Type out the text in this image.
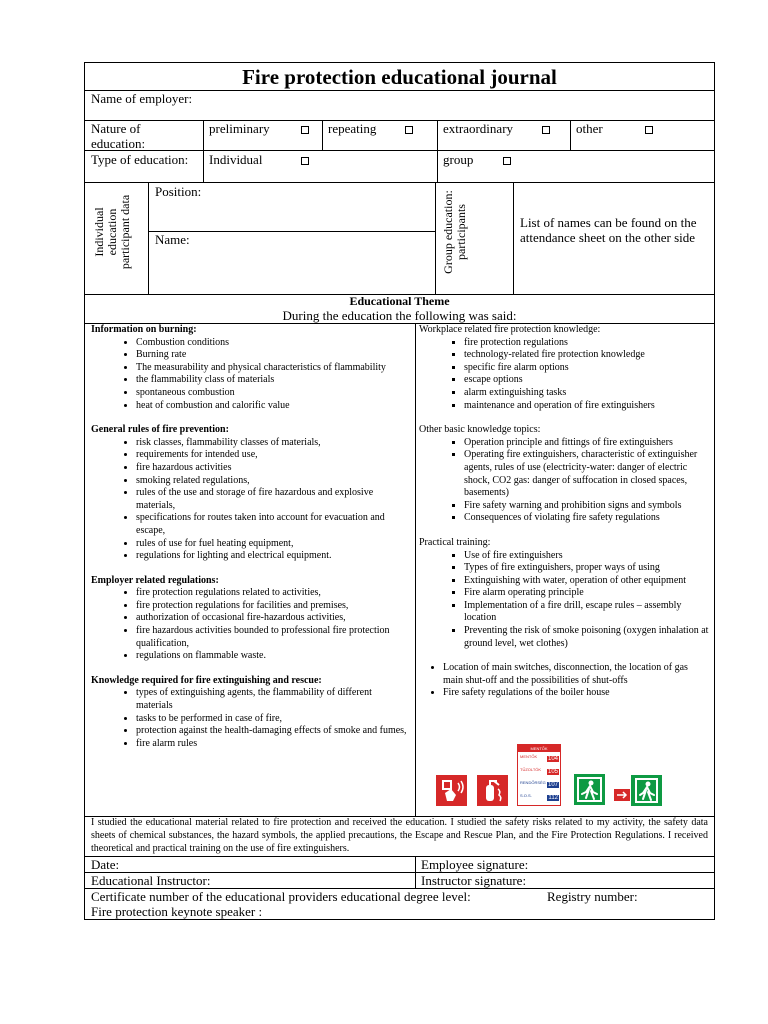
Fire protection educational journal
Name of employer:
Nature of education:
preliminary	repeating	extraordinary	other
Type of education: Individual	group
Individual education participant data
Position:
Name:	Group education: participants	List of names can be found on the attendance sheet on the other side
Educational Theme
During the education the following was said:
Information on burning:
• Combustion conditions
• Burning rate
• The measurability and physical characteristics of flammability
• the flammability class of materials
• spontaneous combustion
• heat of combustion and calorific value
General rules of fire prevention:
• risk classes, flammability classes of materials,
• requirements for intended use,
• fire hazardous activities
• smoking related regulations,
• rules of the use and storage of fire hazardous and explosive materials,
• specifications for routes taken into account for evacuation and escape,
• rules of use for fuel heating equipment,
• regulations for lighting and electrical equipment.
Employer related regulations:
• fire protection regulations related to activities,
• fire protection regulations for facilities and premises,
• authorization of occasional fire-hazardous activities,
• fire hazardous activities bounded to professional fire protection qualification,
• regulations on flammable waste.
Knowledge required for fire extinguishing and rescue:
• types of extinguishing agents, the flammability of different materials
• tasks to be performed in case of fire,
• protection against the health-damaging effects of smoke and fumes,
• fire alarm rules
Workplace related fire protection knowledge:
▪ fire protection regulations
▪ technology-related fire protection knowledge
▪ specific fire alarm options
▪ escape options
▪ alarm extinguishing tasks
▪ maintenance and operation of fire extinguishers
Other basic knowledge topics:
▪ Operation principle and fittings of fire extinguishers
▪ Operating fire extinguishers, characteristic of extinguisher agents, rules of use (electricity-water: danger of electric shock, CO2 gas: danger of suffocation in closed spaces, basements)
▪ Fire safety warning and prohibition signs and symbols
▪ Consequences of violating fire safety regulations
Practical training:
▪ Use of fire extinguishers
▪ Types of fire extinguishers, proper ways of using
▪ Extinguishing with water, operation of other equipment
▪ Fire alarm operating principle
▪ Implementation of a fire drill, escape rules – assembly location
▪ Preventing the risk of smoke poisoning (oxygen inhalation at ground level, wet clothes)
• Location of main switches, disconnection, the location of gas main shut-off and the possibilities of shut-offs
• Fire safety regulations of the boiler house
MENTŐK
MENTŐK 104
TŰZOLTÓK 105
RENDŐRSÉG 107
S.O.S.	112
I studied the educational material related to fire protection and received the education. I studied the safety risks related to my activity, the safety data sheets of chemical substances, the hazard symbols, the applied precautions, the Escape and Rescue Plan, and the Fire Protection Regulations. I received theoretical and practical training on the use of fire extinguishers.
Date:	Employee signature:
Educational Instructor:	Instructor signature:
Certificate number of the educational providers educational degree level:	Registry number:
Fire protection keynote speaker :
